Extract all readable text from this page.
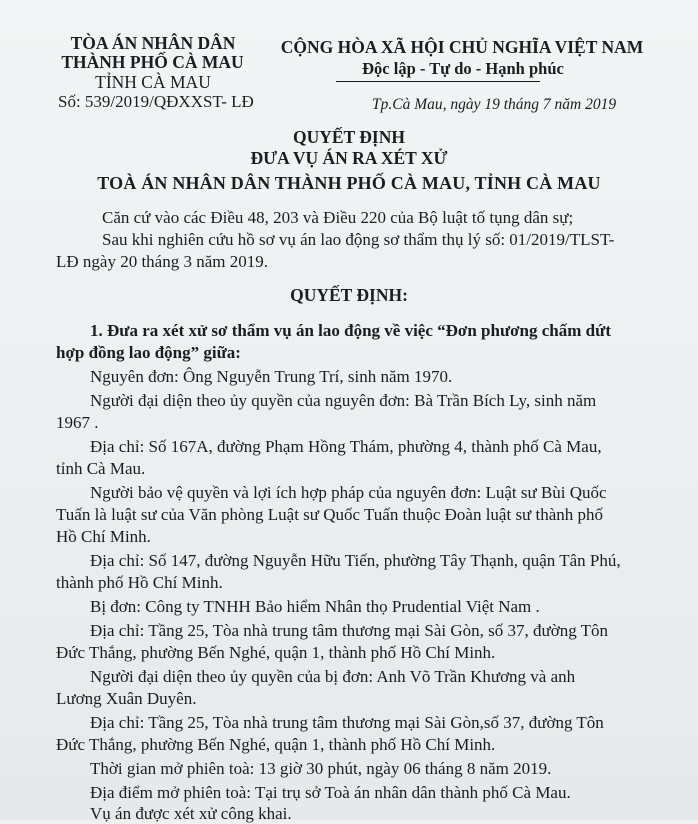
TÒA ÁN NHÂN DÂN
THÀNH PHỐ CÀ MAU
TỈNH CÀ MAU
Số: 539/2019/QĐXXST- LĐ
CỘNG HÒA XÃ HỘI CHỦ NGHĨA VIỆT NAM
Độc lập - Tự do - Hạnh phúc
Tp.Cà Mau, ngày 19 tháng 7 năm 2019
QUYẾT ĐỊNH
ĐƯA VỤ ÁN RA XÉT XỬ
TOÀ ÁN NHÂN DÂN THÀNH PHỐ CÀ MAU, TỈNH CÀ MAU
Căn cứ vào các Điều 48, 203 và Điều 220 của Bộ luật tố tụng dân sự;
Sau khi nghiên cứu hồ sơ vụ án lao động sơ thẩm thụ lý số: 01/2019/TLST-
LĐ ngày 20 tháng 3 năm 2019.
QUYẾT ĐỊNH:
1. Đưa ra xét xử sơ thẩm vụ án lao động về việc “Đơn phương chấm dứt
hợp đồng lao động” giữa:
Nguyên đơn: Ông Nguyễn Trung Trí, sinh năm 1970.
Người đại diện theo ủy quyền của nguyên đơn: Bà Trần Bích Ly, sinh năm
1967 .
Địa chỉ: Số 167A, đường Phạm Hồng Thám, phường 4, thành phố Cà Mau,
tỉnh Cà Mau.
Người bảo vệ quyền và lợi ích hợp pháp của nguyên đơn: Luật sư Bùi Quốc
Tuấn là luật sư của Văn phòng Luật sư Quốc Tuấn thuộc Đoàn luật sư thành phố
Hồ Chí Minh.
Địa chỉ: Số 147, đường Nguyễn Hữu Tiến, phường Tây Thạnh, quận Tân Phú,
thành phố Hồ Chí Minh.
Bị đơn: Công ty TNHH Bảo hiểm Nhân thọ Prudential Việt Nam .
Địa chỉ: Tầng 25, Tòa nhà trung tâm thương mại Sài Gòn, số 37, đường Tôn
Đức Thắng, phường Bến Nghé, quận 1, thành phố Hồ Chí Minh.
Người đại diện theo ủy quyền của bị đơn: Anh Võ Trần Khương và anh
Lương Xuân Duyên.
Địa chỉ: Tầng 25, Tòa nhà trung tâm thương mại Sài Gòn,số 37, đường Tôn
Đức Thắng, phường Bến Nghé, quận 1, thành phố Hồ Chí Minh.
Thời gian mở phiên toà: 13 giờ 30 phút, ngày 06 tháng 8 năm 2019.
Địa điểm mở phiên toà: Tại trụ sở Toà án nhân dân thành phố Cà Mau.
Vụ án được xét xử công khai.
